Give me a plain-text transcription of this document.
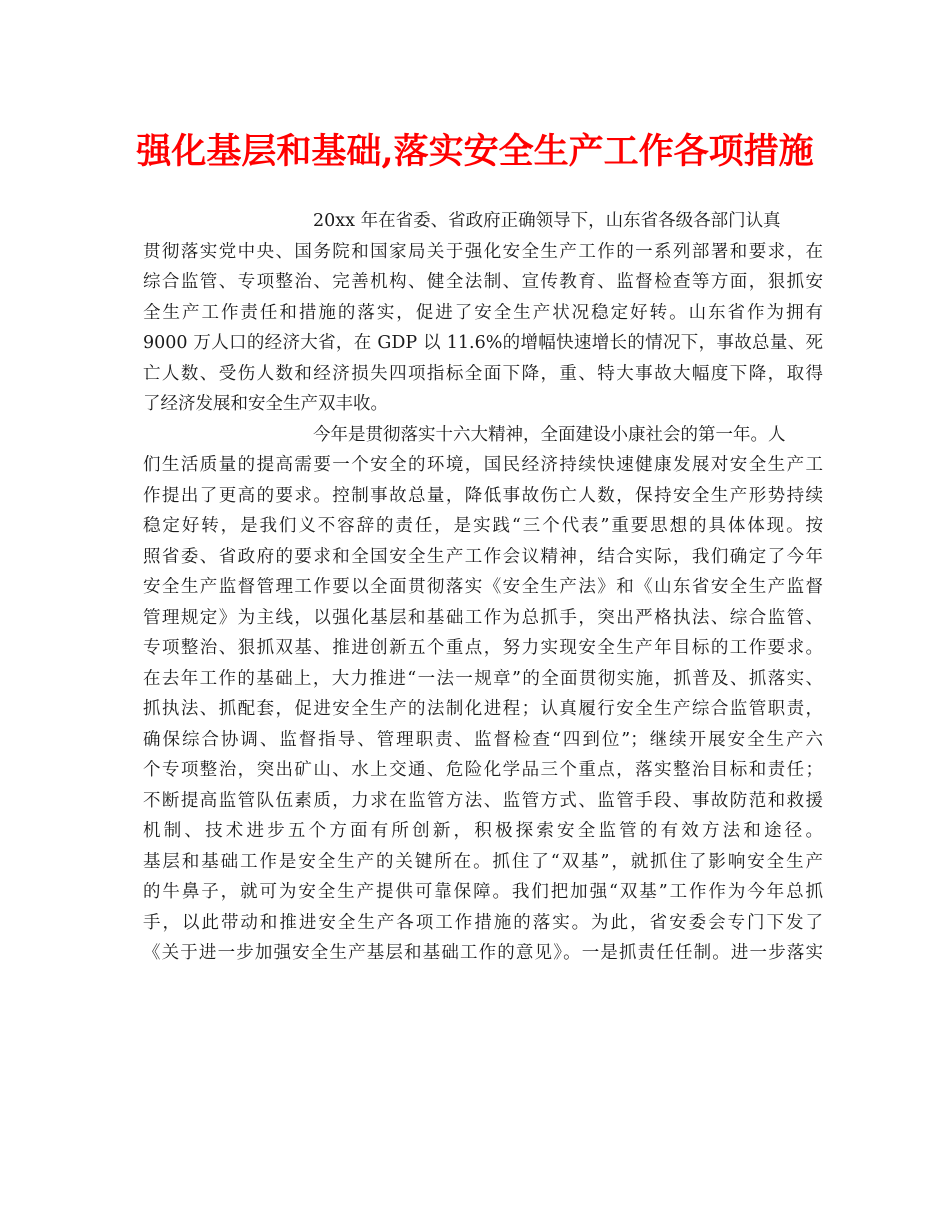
强化基层和基础,落实安全生产工作各项措施
20xx 年在省委、省政府正确领导下，山东省各级各部门认真
贯彻落实党中央、国务院和国家局关于强化安全生产工作的一系列部署和要求，在
综合监管、专项整治、完善机构、健全法制、宣传教育、监督检查等方面，狠抓安
全生产工作责任和措施的落实，促进了安全生产状况稳定好转。山东省作为拥有
9000 万人口的经济大省，在 GDP 以 11.6%的增幅快速增长的情况下，事故总量、死
亡人数、受伤人数和经济损失四项指标全面下降，重、特大事故大幅度下降，取得
了经济发展和安全生产双丰收。
今年是贯彻落实十六大精神，全面建设小康社会的第一年。人
们生活质量的提高需要一个安全的环境，国民经济持续快速健康发展对安全生产工
作提出了更高的要求。控制事故总量，降低事故伤亡人数，保持安全生产形势持续
稳定好转，是我们义不容辞的责任，是实践“三个代表”重要思想的具体体现。按
照省委、省政府的要求和全国安全生产工作会议精神，结合实际，我们确定了今年
安全生产监督管理工作要以全面贯彻落实《安全生产法》和《山东省安全生产监督
管理规定》为主线，以强化基层和基础工作为总抓手，突出严格执法、综合监管、
专项整治、狠抓双基、推进创新五个重点，努力实现安全生产年目标的工作要求。
在去年工作的基础上，大力推进“一法一规章”的全面贯彻实施，抓普及、抓落实、
抓执法、抓配套，促进安全生产的法制化进程；认真履行安全生产综合监管职责，
确保综合协调、监督指导、管理职责、监督检查“四到位”；继续开展安全生产六
个专项整治，突出矿山、水上交通、危险化学品三个重点，落实整治目标和责任；
不断提高监管队伍素质，力求在监管方法、监管方式、监管手段、事故防范和救援
机制、技术进步五个方面有所创新，积极探索安全监管的有效方法和途径。
基层和基础工作是安全生产的关键所在。抓住了“双基”，就抓住了影响安全生产
的牛鼻子，就可为安全生产提供可靠保障。我们把加强“双基”工作作为今年总抓
手，以此带动和推进安全生产各项工作措施的落实。为此，省安委会专门下发了
《关于进一步加强安全生产基层和基础工作的意见》。一是抓责任任制。进一步落实
